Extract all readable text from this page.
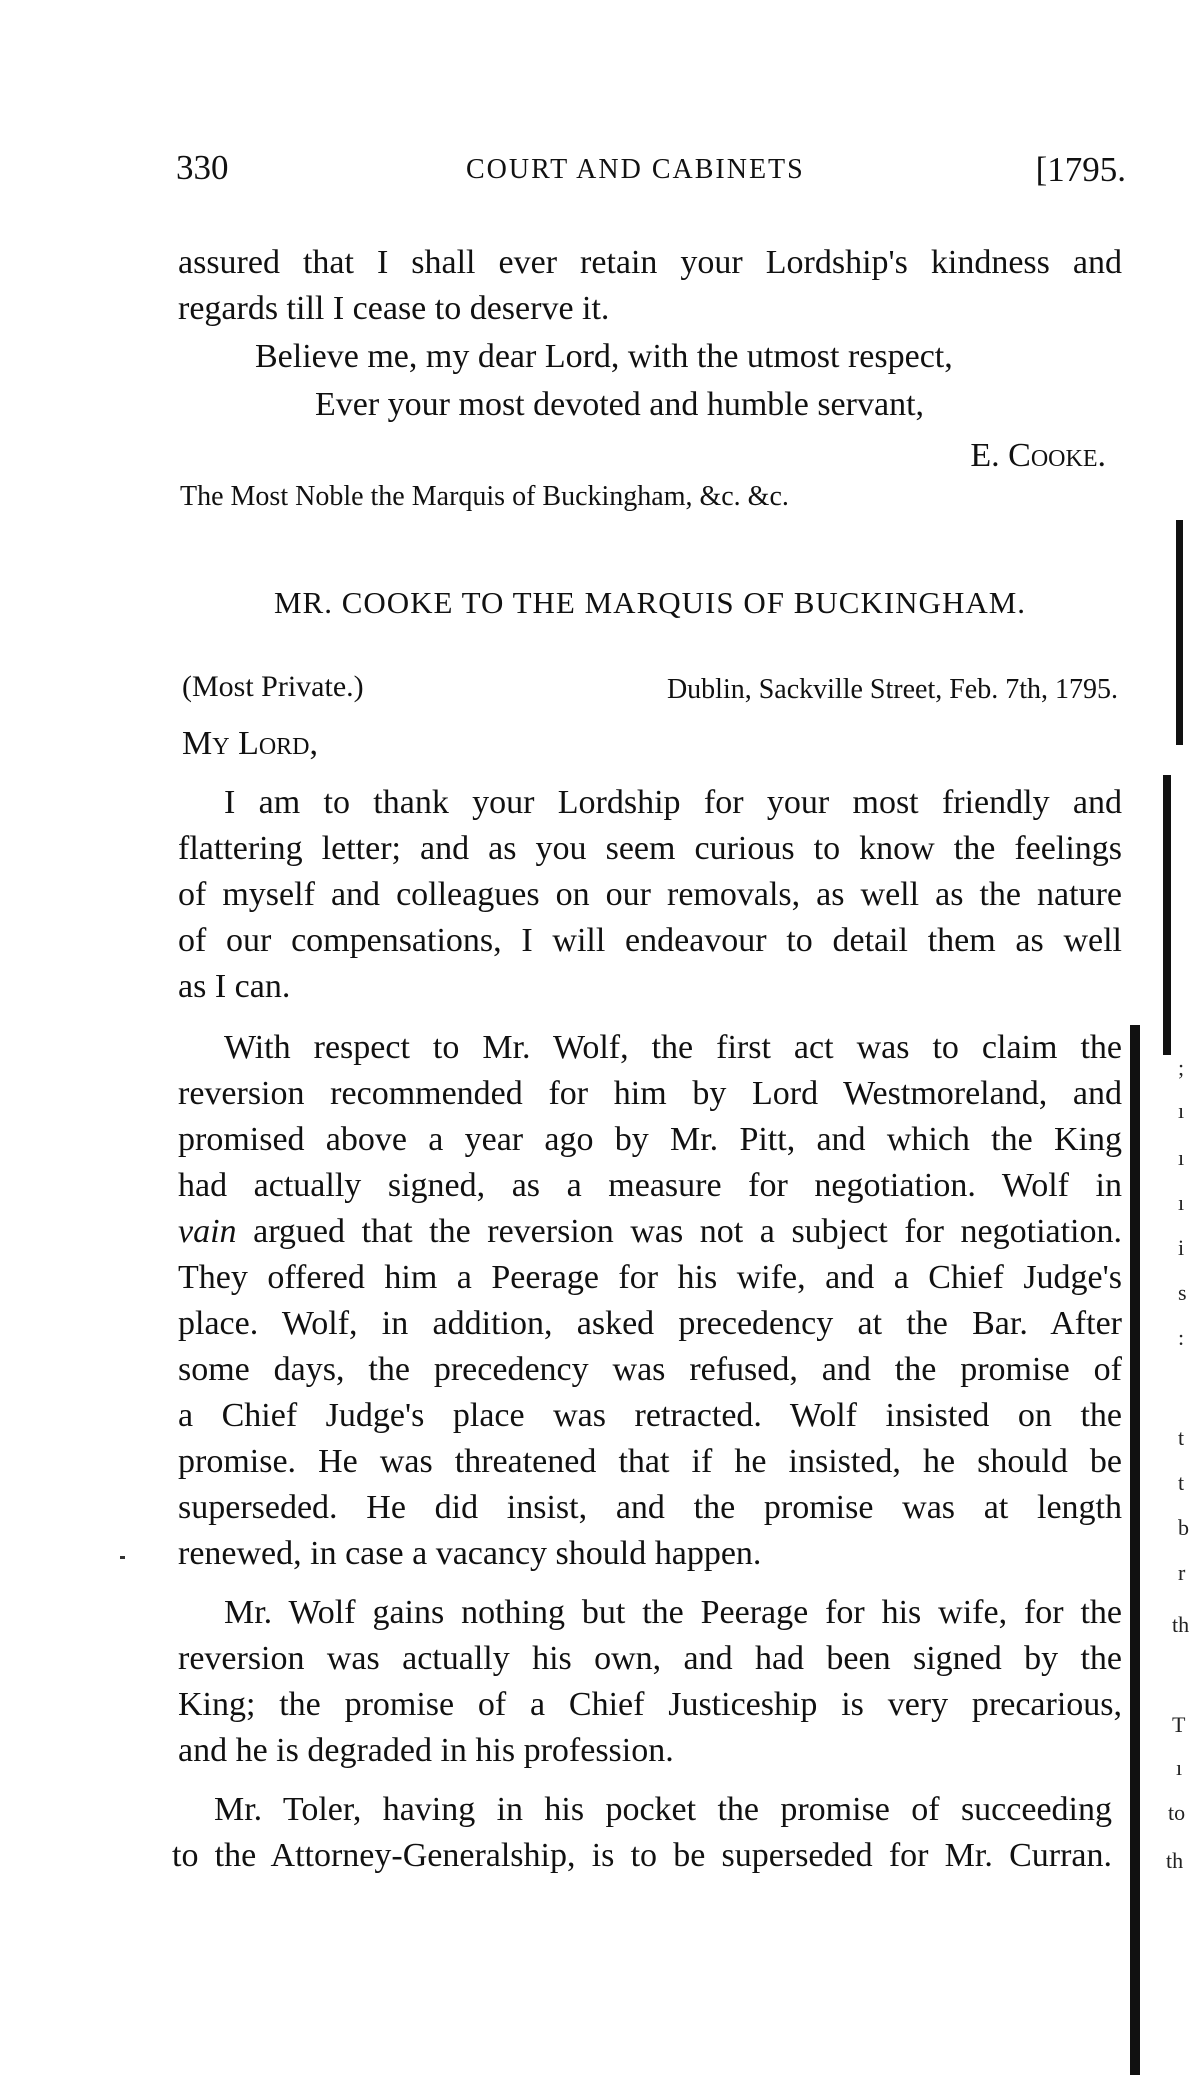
330	COURT AND CABINETS	[1795.
assured that I shall ever retain your Lordship's kindness and
regards till I cease to deserve it.
Believe me, my dear Lord, with the utmost respect,
Ever your most devoted and humble servant,
E. Cooke.
The Most Noble the Marquis of Buckingham, &c. &c.
MR. COOKE TO THE MARQUIS OF BUCKINGHAM.
(Most Private.)	Dublin, Sackville Street, Feb. 7th, 1795.
My Lord,
I am to thank your Lordship for your most friendly and
flattering letter; and as you seem curious to know the feelings
of myself and colleagues on our removals, as well as the nature
of our compensations, I will endeavour to detail them as well
as I can.
With respect to Mr. Wolf, the first act was to claim the
reversion recommended for him by Lord Westmoreland, and
promised above a year ago by Mr. Pitt, and which the King
had actually signed, as a measure for negotiation. Wolf in
vain argued that the reversion was not a subject for negotiation.
They offered him a Peerage for his wife, and a Chief Judge's
place. Wolf, in addition, asked precedency at the Bar. After
some days, the precedency was refused, and the promise of
a Chief Judge's place was retracted. Wolf insisted on the
promise. He was threatened that if he insisted, he should be
superseded. He did insist, and the promise was at length
renewed, in case a vacancy should happen.
Mr. Wolf gains nothing but the Peerage for his wife, for the
reversion was actually his own, and had been signed by the
King; the promise of a Chief Justiceship is very precarious,
and he is degraded in his profession.
Mr. Toler, having in his pocket the promise of succeeding
to the Attorney-Generalship, is to be superseded for Mr. Curran.
;
ı
ı
ı
i
s
:
t
t
b
r
th
T
ı
to
th
